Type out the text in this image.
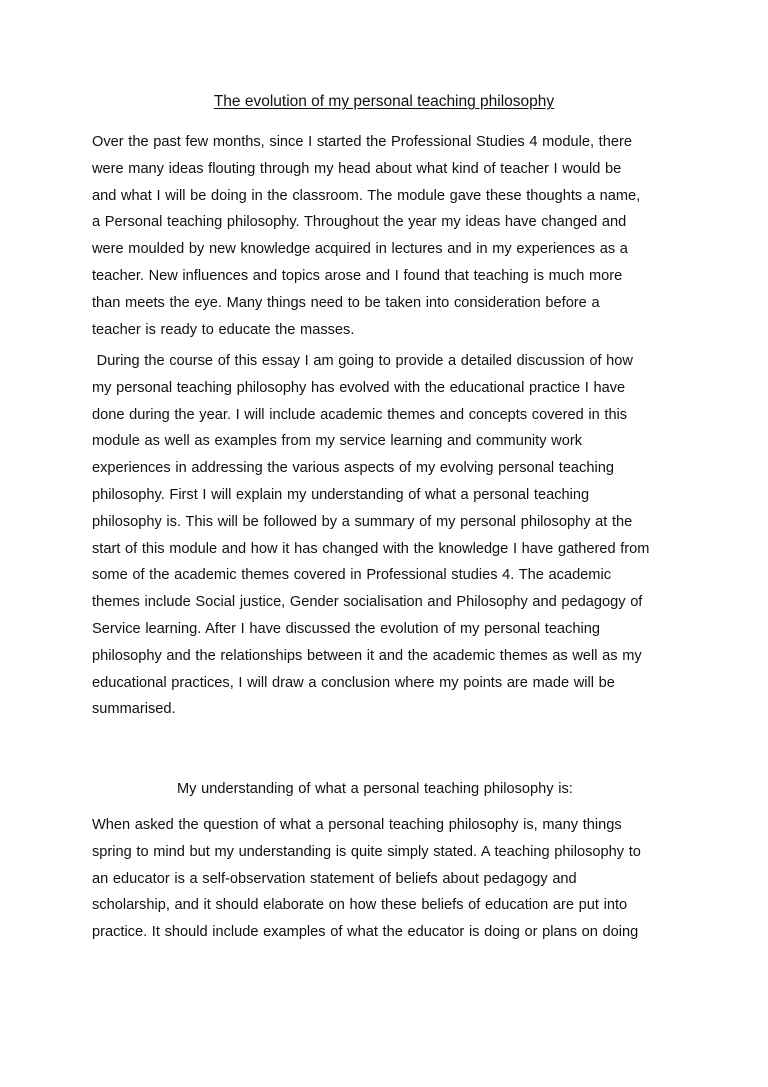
The evolution of my personal teaching philosophy
Over the past few months, since I started the Professional Studies 4 module, there
were many ideas flouting through my head about what kind of teacher I would be
and what I will be doing in the classroom. The module gave these thoughts a name,
a Personal teaching philosophy. Throughout the year my ideas have changed and
were moulded by new knowledge acquired in lectures and in my experiences as a
teacher. New influences and topics arose and I found that teaching is much more
than meets the eye. Many things need to be taken into consideration before a
teacher is ready to educate the masses.
During the course of this essay I am going to provide a detailed discussion of how
my personal teaching philosophy has evolved with the educational practice I have
done during the year. I will include academic themes and concepts covered in this
module as well as examples from my service learning and community work
experiences in addressing the various aspects of my evolving personal teaching
philosophy. First I will explain my understanding of what a personal teaching
philosophy is. This will be followed by a summary of my personal philosophy at the
start of this module and how it has changed with the knowledge I have gathered from
some of the academic themes covered in Professional studies 4. The academic
themes include Social justice, Gender socialisation and Philosophy and pedagogy of
Service learning. After I have discussed the evolution of my personal teaching
philosophy and the relationships between it and the academic themes as well as my
educational practices, I will draw a conclusion where my points are made will be
summarised.
My understanding of what a personal teaching philosophy is:
When asked the question of what a personal teaching philosophy is, many things
spring to mind but my understanding is quite simply stated. A teaching philosophy to
an educator is a self-observation statement of beliefs about pedagogy and
scholarship, and it should elaborate on how these beliefs of education are put into
practice. It should include examples of what the educator is doing or plans on doing
